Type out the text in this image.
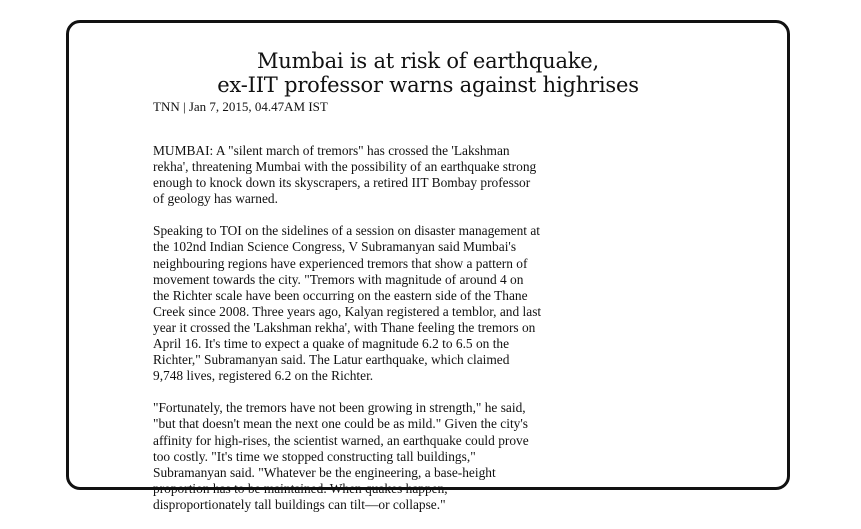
Mumbai is at risk of earthquake,
ex-IIT professor warns against highrises
TNN | Jan 7, 2015, 04.47AM IST

MUMBAI: A "silent march of tremors" has crossed the 'Lakshman
rekha', threatening Mumbai with the possibility of an earthquake strong
enough to knock down its skyscrapers, a retired IIT Bombay professor
of geology has warned.

Speaking to TOI on the sidelines of a session on disaster management at
the 102nd Indian Science Congress, V Subramanyan said Mumbai's
neighbouring regions have experienced tremors that show a pattern of
movement towards the city. "Tremors with magnitude of around 4 on
the Richter scale have been occurring on the eastern side of the Thane
Creek since 2008. Three years ago, Kalyan registered a temblor, and last
year it crossed the 'Lakshman rekha', with Thane feeling the tremors on
April 16. It's time to expect a quake of magnitude 6.2 to 6.5 on the
Richter," Subramanyan said. The Latur earthquake, which claimed
9,748 lives, registered 6.2 on the Richter.

"Fortunately, the tremors have not been growing in strength," he said,
"but that doesn't mean the next one could be as mild." Given the city's
affinity for high-rises, the scientist warned, an earthquake could prove
too costly. "It's time we stopped constructing tall buildings,"
Subramanyan said. "Whatever be the engineering, a base-height
proportion has to be maintained. When quakes happen,
disproportionately tall buildings can tilt—or collapse."
